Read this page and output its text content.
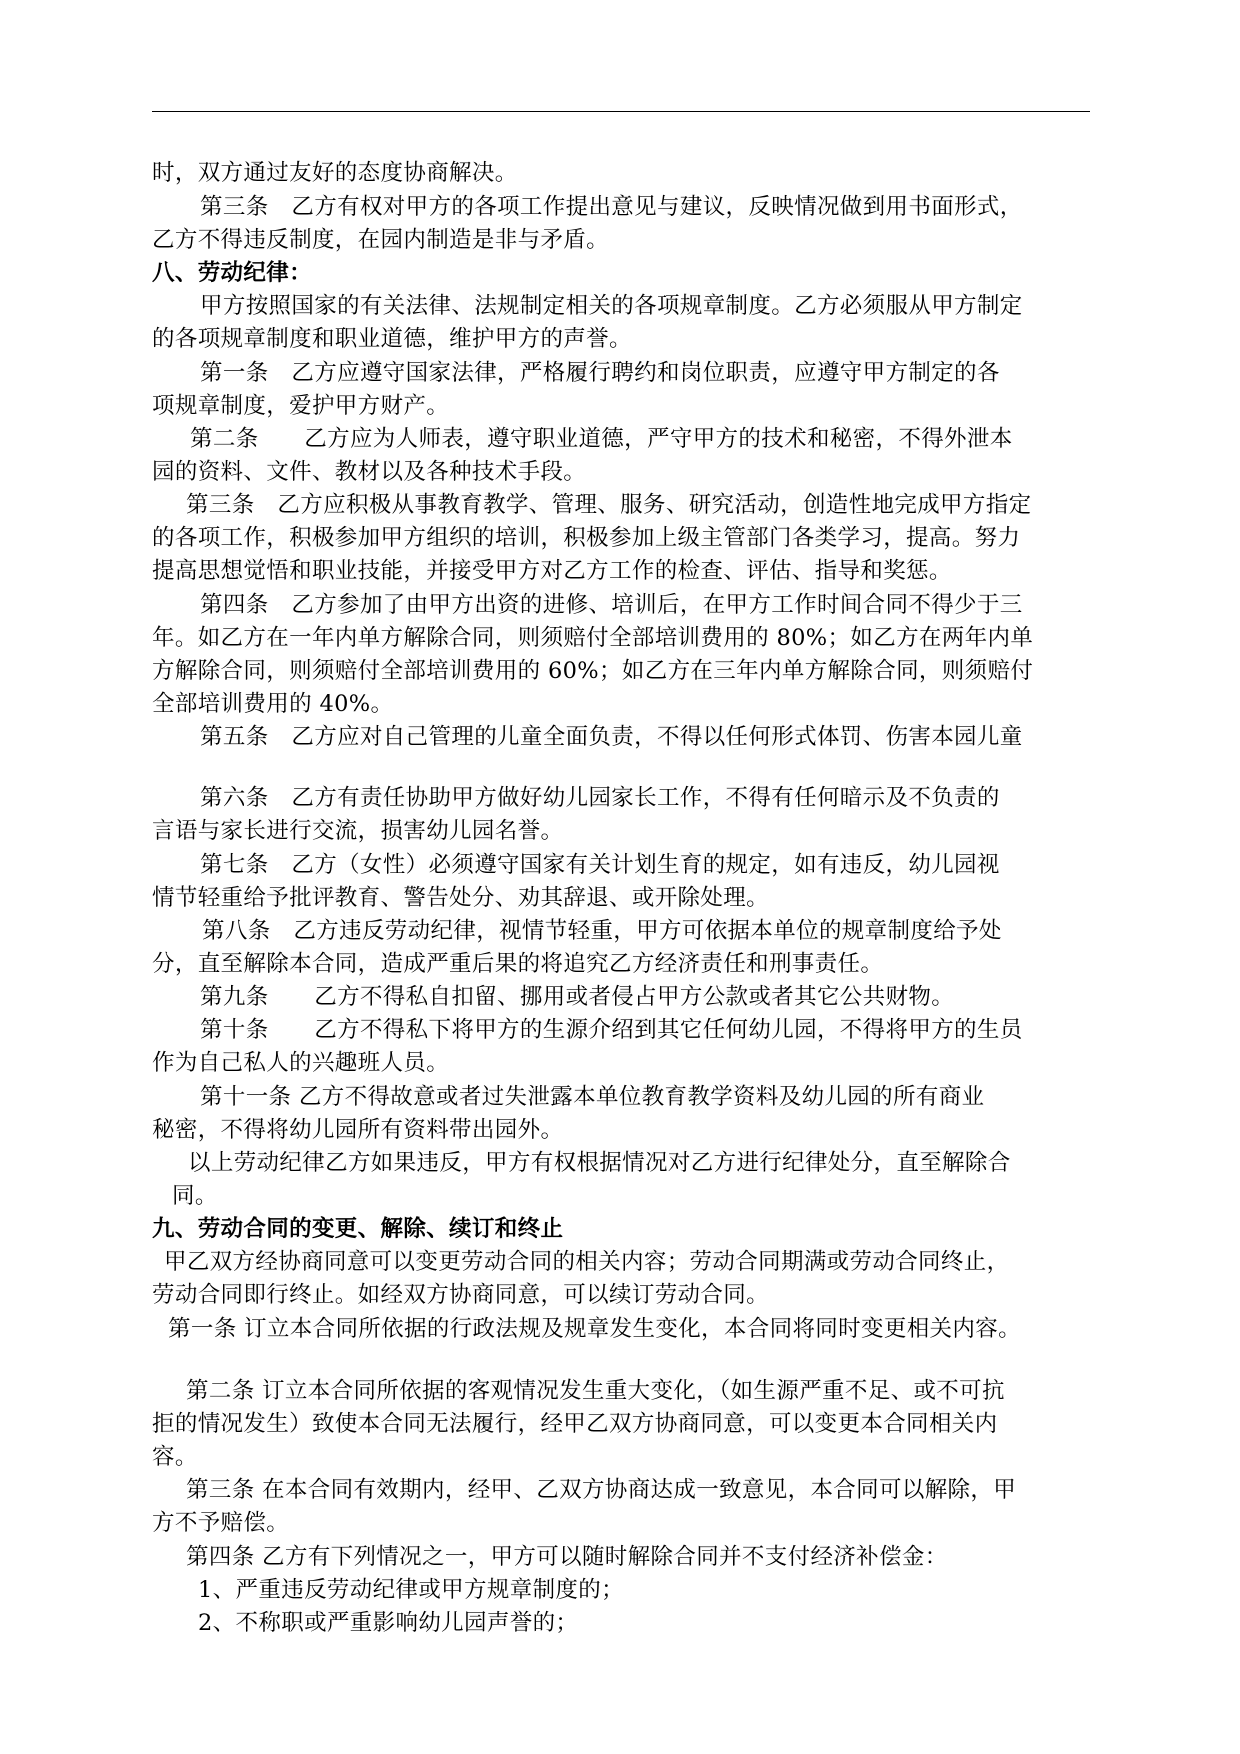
时，双方通过友好的态度协商解决。
第三条　乙方有权对甲方的各项工作提出意见与建议，反映情况做到用书面形式，
乙方不得违反制度，在园内制造是非与矛盾。
八、劳动纪律：
甲方按照国家的有关法律、法规制定相关的各项规章制度。乙方必须服从甲方制定
的各项规章制度和职业道德，维护甲方的声誉。
第一条　乙方应遵守国家法律，严格履行聘约和岗位职责，应遵守甲方制定的各
项规章制度，爱护甲方财产。
第二条　　乙方应为人师表，遵守职业道德，严守甲方的技术和秘密，不得外泄本
园的资料、文件、教材以及各种技术手段。
第三条　乙方应积极从事教育教学、管理、服务、研究活动，创造性地完成甲方指定
的各项工作，积极参加甲方组织的培训，积极参加上级主管部门各类学习，提高。努力
提高思想觉悟和职业技能，并接受甲方对乙方工作的检查、评估、指导和奖惩。
第四条　乙方参加了由甲方出资的进修、培训后，在甲方工作时间合同不得少于三
年。如乙方在一年内单方解除合同，则须赔付全部培训费用的 80%；如乙方在两年内单
方解除合同，则须赔付全部培训费用的 60%；如乙方在三年内单方解除合同，则须赔付
全部培训费用的 40%。
第五条　乙方应对自己管理的儿童全面负责，不得以任何形式体罚、伤害本园儿童
第六条　乙方有责任协助甲方做好幼儿园家长工作，不得有任何暗示及不负责的
言语与家长进行交流，损害幼儿园名誉。
第七条　乙方（女性）必须遵守国家有关计划生育的规定，如有违反，幼儿园视
情节轻重给予批评教育、警告处分、劝其辞退、或开除处理。
第八条　乙方违反劳动纪律，视情节轻重，甲方可依据本单位的规章制度给予处
分，直至解除本合同，造成严重后果的将追究乙方经济责任和刑事责任。
第九条　　乙方不得私自扣留、挪用或者侵占甲方公款或者其它公共财物。
第十条　　乙方不得私下将甲方的生源介绍到其它任何幼儿园，不得将甲方的生员
作为自己私人的兴趣班人员。
第十一条 乙方不得故意或者过失泄露本单位教育教学资料及幼儿园的所有商业
秘密，不得将幼儿园所有资料带出园外。
以上劳动纪律乙方如果违反，甲方有权根据情况对乙方进行纪律处分，直至解除合
同。
九、劳动合同的变更、解除、续订和终止
甲乙双方经协商同意可以变更劳动合同的相关内容；劳动合同期满或劳动合同终止，
劳动合同即行终止。如经双方协商同意，可以续订劳动合同。
第一条 订立本合同所依据的行政法规及规章发生变化，本合同将同时变更相关内容。
第二条 订立本合同所依据的客观情况发生重大变化，（如生源严重不足、或不可抗
拒的情况发生）致使本合同无法履行，经甲乙双方协商同意，可以变更本合同相关内
容。
第三条 在本合同有效期内，经甲、乙双方协商达成一致意见，本合同可以解除，甲
方不予赔偿。
第四条 乙方有下列情况之一，甲方可以随时解除合同并不支付经济补偿金：
1、严重违反劳动纪律或甲方规章制度的；
2、不称职或严重影响幼儿园声誉的；
